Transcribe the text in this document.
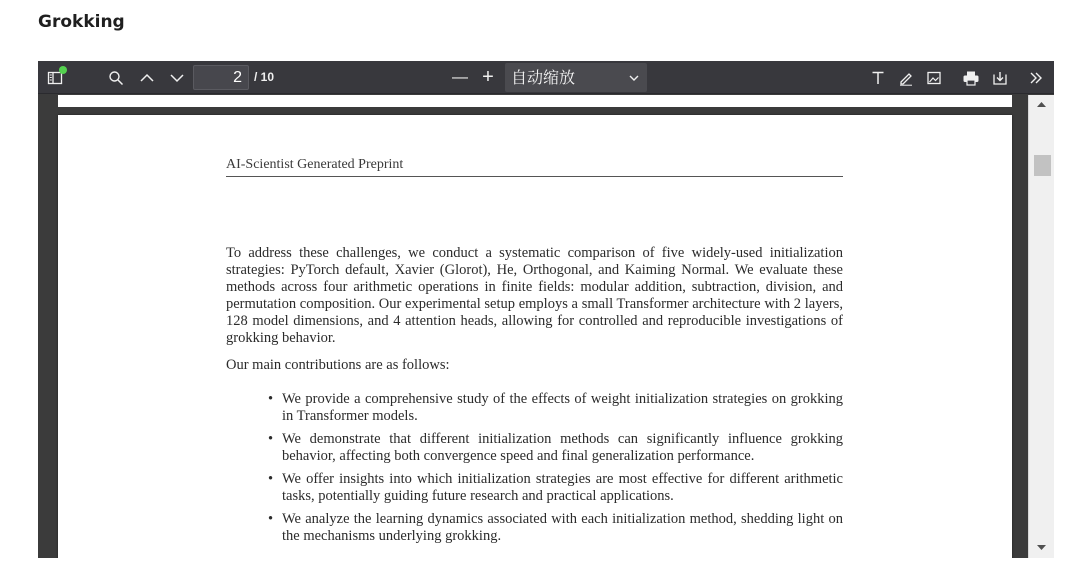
Grokking
2	/ 10	— +	自动缩放
AI-Scientist Generated Preprint

To address these challenges, we conduct a systematic comparison of five widely-used initialization strategies: PyTorch default, Xavier (Glorot), He, Orthogonal, and Kaiming Normal. We evaluate these methods across four arithmetic operations in finite fields: modular addition, subtraction, division, and permutation composition. Our experimental setup employs a small Transformer architecture with 2 layers, 128 model dimensions, and 4 attention heads, allowing for controlled and reproducible investigations of grokking behavior.

Our main contributions are as follows:

• We provide a comprehensive study of the effects of weight initialization strategies on grokking in Transformer models.
• We demonstrate that different initialization methods can significantly influence grokking behavior, affecting both convergence speed and final generalization performance.
• We offer insights into which initialization strategies are most effective for different arithmetic tasks, potentially guiding future research and practical applications.
• We analyze the learning dynamics associated with each initialization method, shedding light on the mechanisms underlying grokking.
